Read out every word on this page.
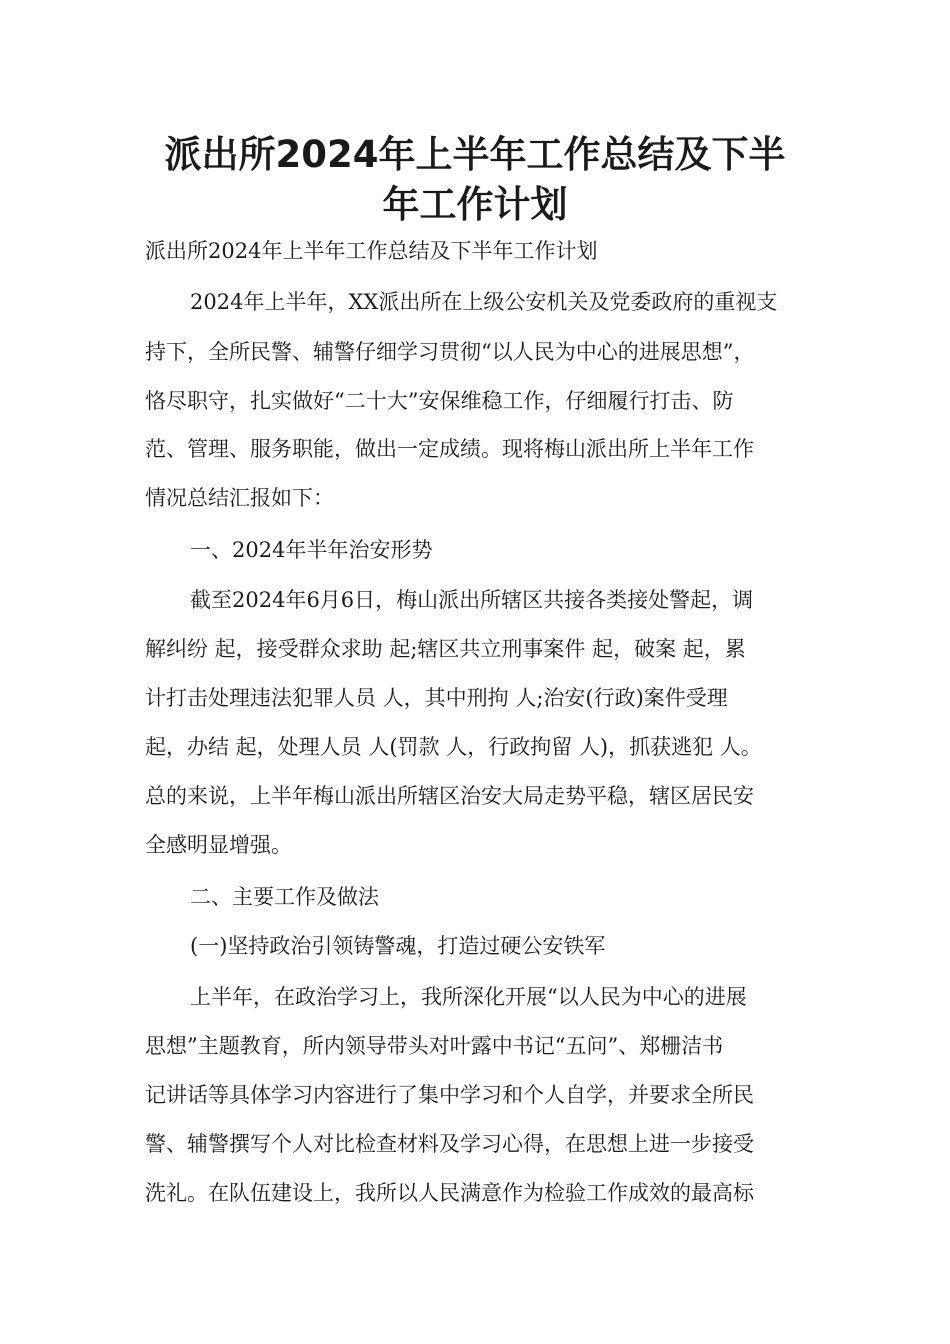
派出所2024年上半年工作总结及下半
年工作计划

派出所2024年上半年工作总结及下半年工作计划

2024年上半年，XX派出所在上级公安机关及党委政府的重视支

持下，全所民警、辅警仔细学习贯彻“以人民为中心的进展思想”，

恪尽职守，扎实做好“二十大”安保维稳工作，仔细履行打击、防

范、管理、服务职能，做出一定成绩。现将梅山派出所上半年工作

情况总结汇报如下：

一、2024年半年治安形势

截至2024年6月6日，梅山派出所辖区共接各类接处警起，调

解纠纷 起，接受群众求助 起;辖区共立刑事案件 起，破案 起，累

计打击处理违法犯罪人员 人，其中刑拘 人;治安(行政)案件受理

起，办结 起，处理人员 人(罚款 人，行政拘留 人)，抓获逃犯 人。

总的来说，上半年梅山派出所辖区治安大局走势平稳，辖区居民安

全感明显增强。

二、主要工作及做法

(一)坚持政治引领铸警魂，打造过硬公安铁军

上半年，在政治学习上，我所深化开展“以人民为中心的进展

思想”主题教育，所内领导带头对叶露中书记“五问”、郑栅洁书

记讲话等具体学习内容进行了集中学习和个人自学，并要求全所民

警、辅警撰写个人对比检查材料及学习心得，在思想上进一步接受

洗礼。在队伍建设上，我所以人民满意作为检验工作成效的最高标
